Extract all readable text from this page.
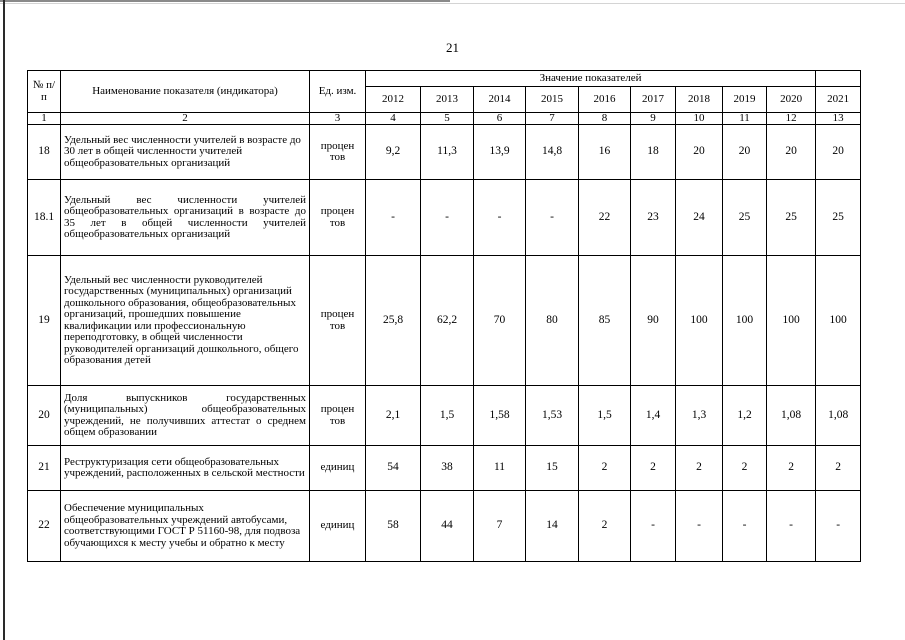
21
№ п/п	Наименование показателя (индикатора)	Ед. изм.	Значение показателей									
			2012	2013	2014	2015	2016	2017	2018	2019	2020	2021
1	2	3	4	5	6	7	8	9	10	11	12	13
18	Удельный вес численности учителей в возрасте до 30 лет в общей численности учителей общеобразовательных организаций	процен тов	9,2	11,3	13,9	14,8	16	18	20	20	20	20
18.1	Удельный вес численности учителей общеобразовательных организаций в возрасте до 35 лет в общей численности учителей общеобразовательных организаций	процен тов	-	-	-	-	22	23	24	25	25	25
19	Удельный вес численности руководителей государственных (муниципальных) организаций дошкольного образования, общеобразовательных организаций, прошедших повышение квалификации или профессиональную переподготовку, в общей численности руководителей организаций дошкольного, общего образования детей	процен тов	25,8	62,2	70	80	85	90	100	100	100	100
20	Доля выпускников государственных (муниципальных) общеобразовательных учреждений, не получивших аттестат о среднем общем образовании	процен тов	2,1	1,5	1,58	1,53	1,5	1,4	1,3	1,2	1,08	1,08
21	Реструктуризация сети общеобразовательных учреждений, расположенных в сельской местности	единиц	54	38	11	15	2	2	2	2	2	2
22	Обеспечение муниципальных общеобразовательных учреждений автобусами, соответствующими ГОСТ Р 51160-98, для подвоза обучающихся к месту учебы и обратно к месту	единиц	58	44	7	14	2	-	-	-	-	-
